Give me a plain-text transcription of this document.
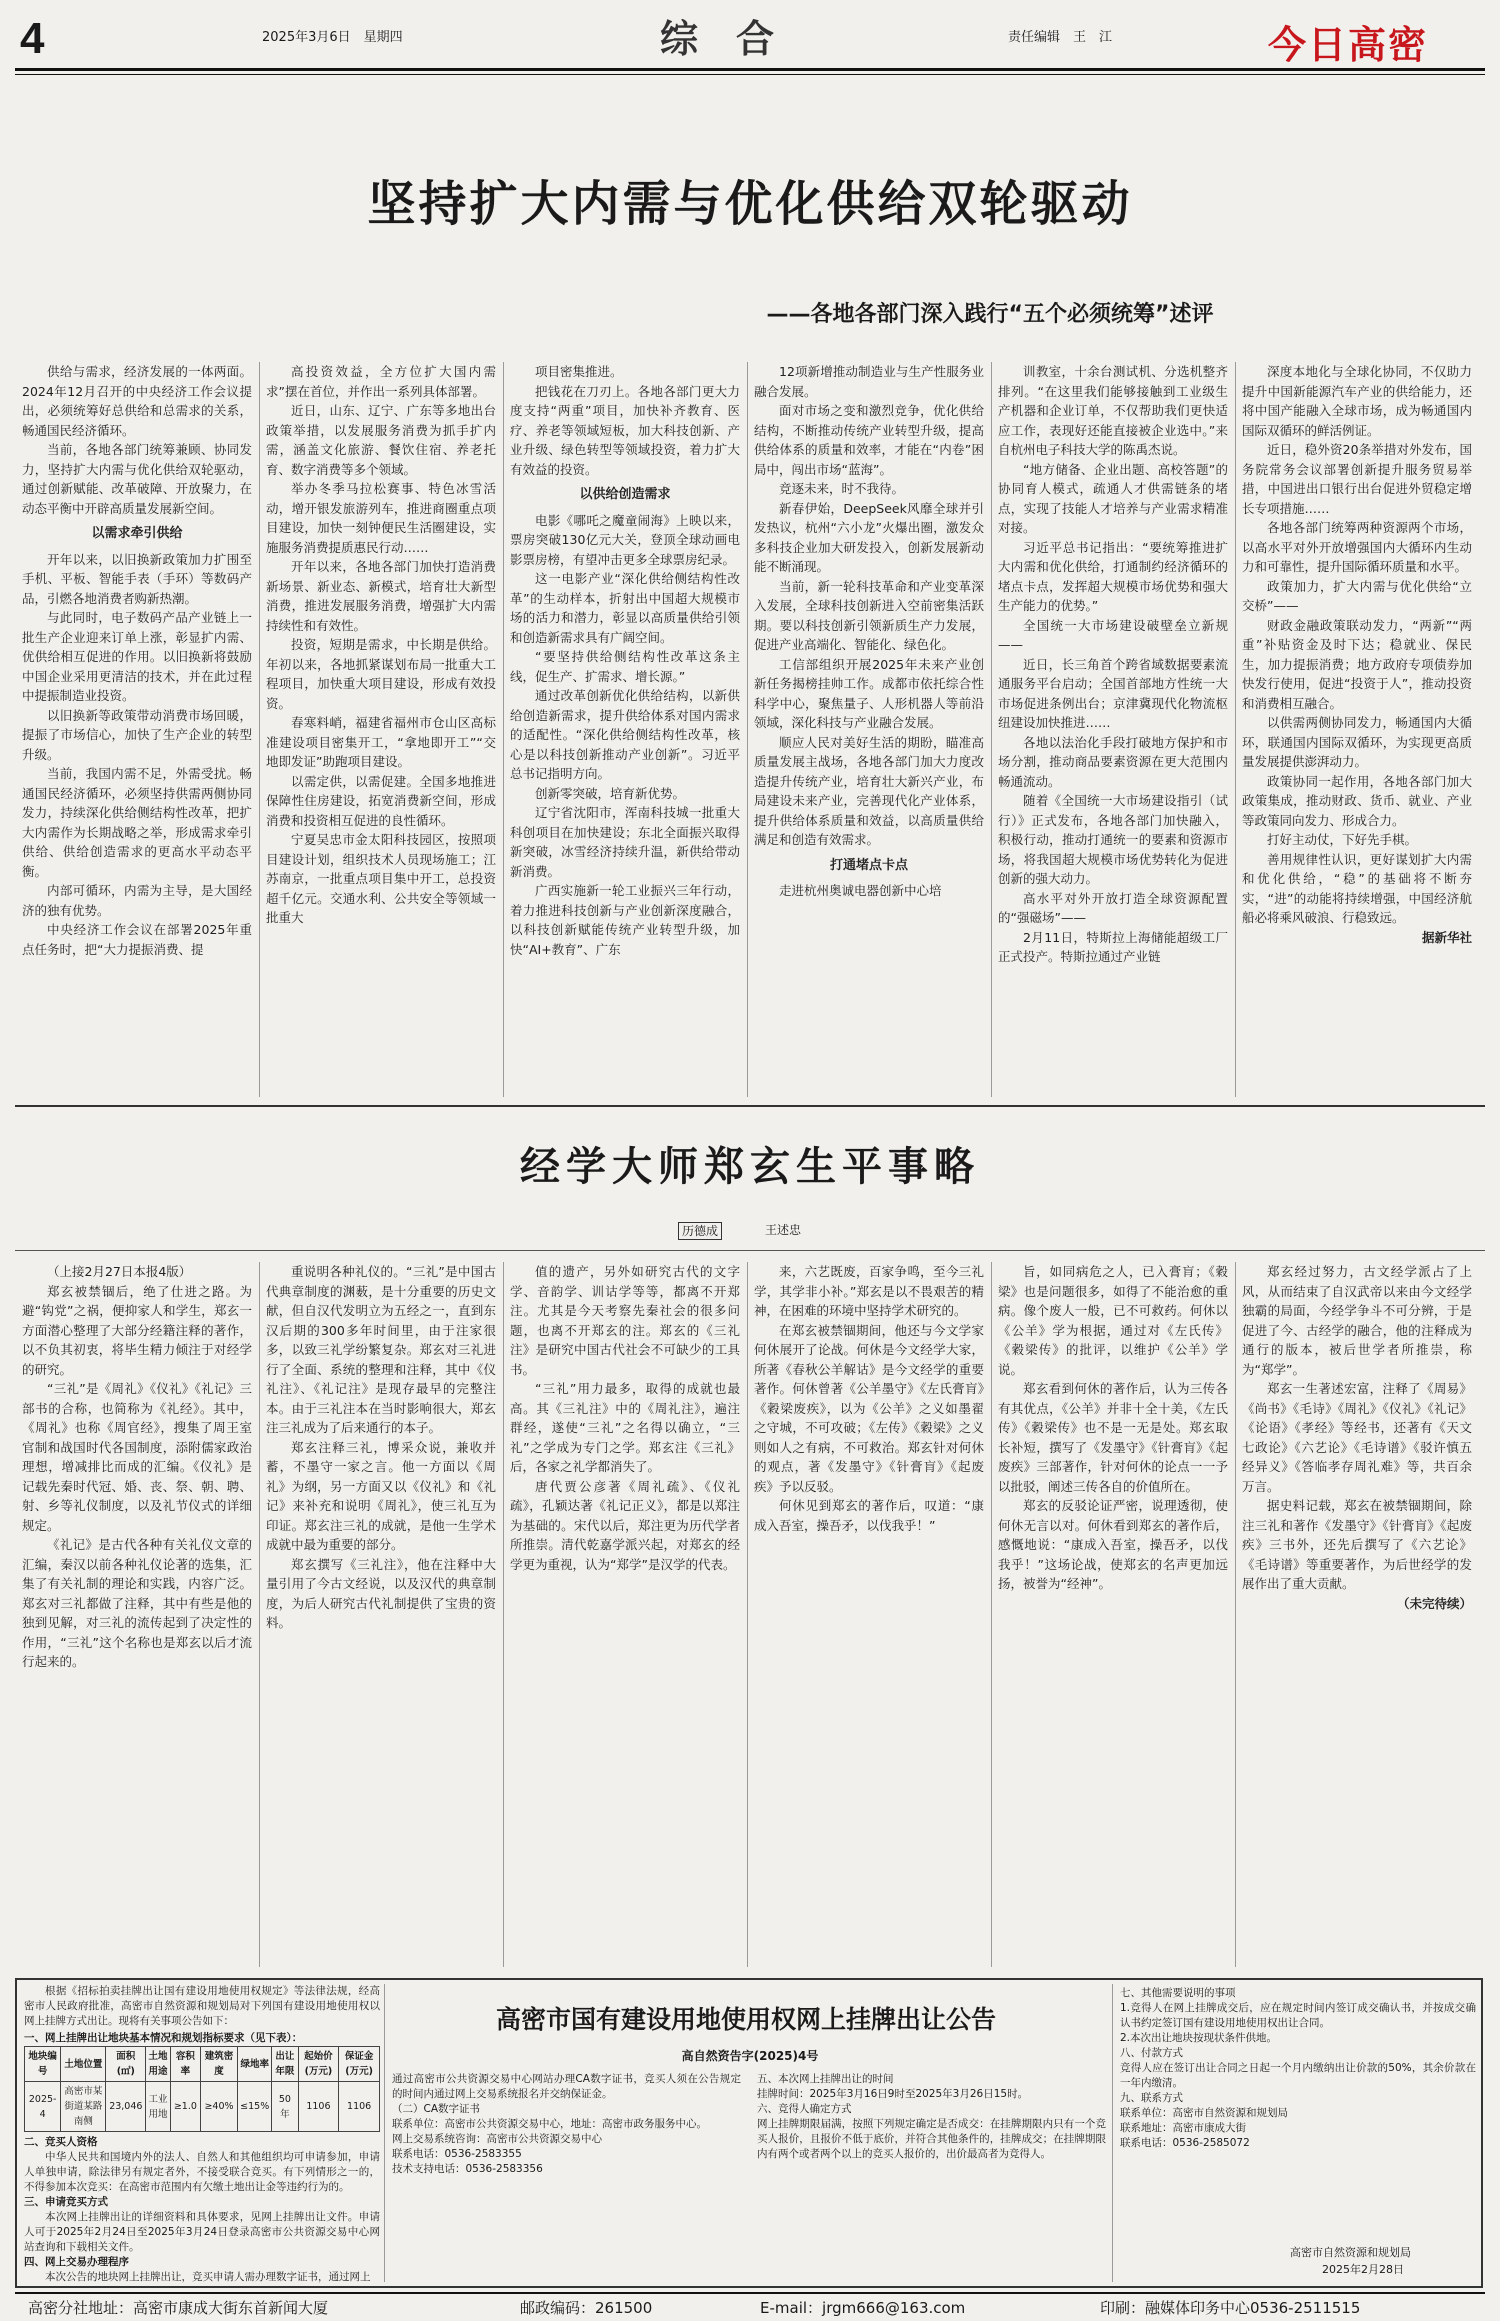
4	2025年3月6日　星期四	综　合	责任编辑　王　江	今日高密
坚持扩大内需与优化供给双轮驱动
——各地各部门深入践行“五个必须统筹”述评

供给与需求，经济发展的一体两面。2024年12月召开的中央经济工作会议提出，必须统筹好总供给和总需求的关系，畅通国民经济循环。

当前，各地各部门统筹兼顾、协同发力，坚持扩大内需与优化供给双轮驱动，通过创新赋能、改革破障、开放聚力，在动态平衡中开辟高质量发展新空间。

以需求牵引供给

开年以来，以旧换新政策加力扩围至手机、平板、智能手表（手环）等数码产品，引燃各地消费者购新热潮。

与此同时，电子数码产品产业链上一批生产企业迎来订单上涨，彰显扩内需、优供给相互促进的作用。以旧换新将鼓励中国企业采用更清洁的技术，并在此过程中提振制造业投资。

以旧换新等政策带动消费市场回暖，提振了市场信心，加快了生产企业的转型升级。

当前，我国内需不足，外需受扰。畅通国民经济循环，必须坚持供需两侧协同发力，持续深化供给侧结构性改革，把扩大内需作为长期战略之举，形成需求牵引供给、供给创造需求的更高水平动态平衡。

内部可循环，内需为主导，是大国经济的独有优势。

中央经济工作会议在部署2025年重点任务时，把“大力提振消费、提

高投资效益，全方位扩大国内需求”摆在首位，并作出一系列具体部署。

近日，山东、辽宁、广东等多地出台政策举措，以发展服务消费为抓手扩内需，涵盖文化旅游、餐饮住宿、养老托育、数字消费等多个领域。

举办冬季马拉松赛事、特色冰雪活动，增开银发旅游列车，推进商圈重点项目建设，加快一刻钟便民生活圈建设，实施服务消费提质惠民行动……

开年以来，各地各部门加快打造消费新场景、新业态、新模式，培育壮大新型消费，推进发展服务消费，增强扩大内需持续性和有效性。

投资，短期是需求，中长期是供给。年初以来，各地抓紧谋划布局一批重大工程项目，加快重大项目建设，形成有效投资。

春寒料峭，福建省福州市仓山区高标准建设项目密集开工，“拿地即开工”“交地即发证”助跑项目建设。

以需定供，以需促建。全国多地推进保障性住房建设，拓宽消费新空间，形成消费和投资相互促进的良性循环。

宁夏吴忠市金太阳科技园区，按照项目建设计划，组织技术人员现场施工；江苏南京，一批重点项目集中开工，总投资超千亿元。交通水利、公共安全等领域一批重大

项目密集推进。

把钱花在刀刃上。各地各部门更大力度支持“两重”项目，加快补齐教育、医疗、养老等领域短板，加大科技创新、产业升级、绿色转型等领域投资，着力扩大有效益的投资。

以供给创造需求

电影《哪吒之魔童闹海》上映以来，票房突破130亿元大关，登顶全球动画电影票房榜，有望冲击更多全球票房纪录。

这一电影产业“深化供给侧结构性改革”的生动样本，折射出中国超大规模市场的活力和潜力，彰显以高质量供给引领和创造新需求具有广阔空间。

“要坚持供给侧结构性改革这条主线，促生产、扩需求、增长源。”

通过改革创新优化供给结构，以新供给创造新需求，提升供给体系对国内需求的适配性。“深化供给侧结构性改革，核心是以科技创新推动产业创新”。习近平总书记指明方向。

创新零突破，培育新优势。

辽宁省沈阳市，浑南科技城一批重大科创项目在加快建设；东北全面振兴取得新突破，冰雪经济持续升温，新供给带动新消费。

广西实施新一轮工业振兴三年行动，着力推进科技创新与产业创新深度融合，以科技创新赋能传统产业转型升级，加快“AI+教育”、广东

12项新增推动制造业与生产性服务业融合发展。

面对市场之变和激烈竞争，优化供给结构，不断推动传统产业转型升级，提高供给体系的质量和效率，才能在“内卷”困局中，闯出市场“蓝海”。

竞逐未来，时不我待。

新春伊始，DeepSeek风靡全球并引发热议，杭州“六小龙”火爆出圈，激发众多科技企业加大研发投入，创新发展新动能不断涌现。

当前，新一轮科技革命和产业变革深入发展，全球科技创新进入空前密集活跃期。要以科技创新引领新质生产力发展，促进产业高端化、智能化、绿色化。

工信部组织开展2025年未来产业创新任务揭榜挂帅工作。成都市依托综合性科学中心，聚焦量子、人形机器人等前沿领域，深化科技与产业融合发展。

顺应人民对美好生活的期盼，瞄准高质量发展主战场，各地各部门加大力度改造提升传统产业，培育壮大新兴产业，布局建设未来产业，完善现代化产业体系，提升供给体系质量和效益，以高质量供给满足和创造有效需求。

打通堵点卡点

走进杭州奥诚电器创新中心培

训教室，十余台测试机、分选机整齐排列。“在这里我们能够接触到工业级生产机器和企业订单，不仅帮助我们更快适应工作，表现好还能直接被企业选中。”来自杭州电子科技大学的陈禹杰说。

“地方储备、企业出题、高校答题”的协同育人模式，疏通人才供需链条的堵点，实现了技能人才培养与产业需求精准对接。

习近平总书记指出：“要统筹推进扩大内需和优化供给，打通制约经济循环的堵点卡点，发挥超大规模市场优势和强大生产能力的优势。”

全国统一大市场建设破壁垒立新规——

近日，长三角首个跨省域数据要素流通服务平台启动；全国首部地方性统一大市场促进条例出台；京津冀现代化物流枢纽建设加快推进……

各地以法治化手段打破地方保护和市场分割，推动商品要素资源在更大范围内畅通流动。

随着《全国统一大市场建设指引（试行）》正式发布，各地各部门加快融入，积极行动，推动打通统一的要素和资源市场，将我国超大规模市场优势转化为促进创新的强大动力。

高水平对外开放打造全球资源配置的“强磁场”——

2月11日，特斯拉上海储能超级工厂正式投产。特斯拉通过产业链

深度本地化与全球化协同，不仅助力提升中国新能源汽车产业的供给能力，还将中国产能融入全球市场，成为畅通国内国际双循环的鲜活例证。

近日，稳外资20条举措对外发布，国务院常务会议部署创新提升服务贸易举措，中国进出口银行出台促进外贸稳定增长专项措施……

各地各部门统筹两种资源两个市场，以高水平对外开放增强国内大循环内生动力和可靠性，提升国际循环质量和水平。

政策加力，扩大内需与优化供给“立交桥”——

财政金融政策联动发力，“两新”“两重”补贴资金及时下达；稳就业、保民生，加力提振消费；地方政府专项债券加快发行使用，促进“投资于人”，推动投资和消费相互融合。

以供需两侧协同发力，畅通国内大循环，联通国内国际双循环，为实现更高质量发展提供澎湃动力。

政策协同一起作用，各地各部门加大政策集成，推动财政、货币、就业、产业等政策同向发力、形成合力。

打好主动仗，下好先手棋。

善用规律性认识，更好谋划扩大内需和优化供给，“稳”的基础将不断夯实，“进”的动能将持续增强，中国经济航船必将乘风破浪、行稳致远。

据新华社

经学大师郑玄生平事略
历德成	王述忠

（上接2月27日本报4版）

郑玄被禁锢后，绝了仕进之路。为避“钩党”之祸，便抑家人和学生，郑玄一方面潜心整理了大部分经籍注释的著作，以不负其初衷，将毕生精力倾注于对经学的研究。

“三礼”是《周礼》《仪礼》《礼记》三部书的合称，也简称为《礼经》。其中，《周礼》也称《周官经》，搜集了周王室官制和战国时代各国制度，添附儒家政治理想，增减排比而成的汇编。《仪礼》是记载先秦时代冠、婚、丧、祭、朝、聘、射、乡等礼仪制度，以及礼节仪式的详细规定。

《礼记》是古代各种有关礼仪文章的汇编，秦汉以前各种礼仪论著的选集，汇集了有关礼制的理论和实践，内容广泛。郑玄对三礼都做了注释，其中有些是他的独到见解，对三礼的流传起到了决定性的作用，“三礼”这个名称也是郑玄以后才流行起来的。

重说明各种礼仪的。“三礼”是中国古代典章制度的渊薮，是十分重要的历史文献，但自汉代发明立为五经之一，直到东汉后期的300多年时间里，由于注家很多，以致三礼学纷繁复杂。郑玄对三礼进行了全面、系统的整理和注释，其中《仪礼注》、《礼记注》是现存最早的完整注本。由于三礼注本在当时影响很大，郑玄注三礼成为了后来通行的本子。

郑玄注释三礼，博采众说，兼收并蓄，不墨守一家之言。他一方面以《周礼》为纲，另一方面又以《仪礼》和《礼记》来补充和说明《周礼》，使三礼互为印证。郑玄注三礼的成就，是他一生学术成就中最为重要的部分。

郑玄撰写《三礼注》，他在注释中大量引用了今古文经说，以及汉代的典章制度，为后人研究古代礼制提供了宝贵的资料。

值的遗产，另外如研究古代的文字学、音韵学、训诂学等等，都离不开郑注。尤其是今天考察先秦社会的很多问题，也离不开郑玄的注。郑玄的《三礼注》是研究中国古代社会不可缺少的工具书。

“三礼”用力最多，取得的成就也最高。其《三礼注》中的《周礼注》，遍注群经，遂使“三礼”之名得以确立，“三礼”之学成为专门之学。郑玄注《三礼》后，各家之礼学都消失了。

唐代贾公彦著《周礼疏》、《仪礼疏》，孔颖达著《礼记正义》，都是以郑注为基础的。宋代以后，郑注更为历代学者所推崇。清代乾嘉学派兴起，对郑玄的经学更为重视，认为“郑学”是汉学的代表。

来，六艺既废，百家争鸣，至今三礼学，其学非小补。”郑玄是以不畏艰苦的精神，在困难的环境中坚持学术研究的。

在郑玄被禁锢期间，他还与今文学家何休展开了论战。何休是今文经学大家，所著《春秋公羊解诂》是今文经学的重要著作。何休曾著《公羊墨守》《左氏膏肓》《穀梁废疾》，以为《公羊》之义如墨翟之守城，不可攻破；《左传》《穀梁》之义则如人之有病，不可救治。郑玄针对何休的观点，著《发墨守》《针膏肓》《起废疾》予以反驳。

何休见到郑玄的著作后，叹道：“康成入吾室，操吾矛，以伐我乎！”

旨，如同病危之人，已入膏肓；《穀梁》也是问题很多，如得了不能治愈的重病。像个废人一般，已不可救药。何休以《公羊》学为根据，通过对《左氏传》《穀梁传》的批评，以维护《公羊》学说。

郑玄看到何休的著作后，认为三传各有其优点，《公羊》并非十全十美，《左氏传》《穀梁传》也不是一无是处。郑玄取长补短，撰写了《发墨守》《针膏肓》《起废疾》三部著作，针对何休的论点一一予以批驳，阐述三传各自的价值所在。

郑玄的反驳论证严密，说理透彻，使何休无言以对。何休看到郑玄的著作后，感慨地说：“康成入吾室，操吾矛，以伐我乎！”这场论战，使郑玄的名声更加远扬，被誉为“经神”。

郑玄经过努力，古文经学派占了上风，从而结束了自汉武帝以来由今文经学独霸的局面，今经学争斗不可分辨，于是促进了今、古经学的融合，他的注释成为通行的版本，被后世学者所推崇，称为“郑学”。

郑玄一生著述宏富，注释了《周易》《尚书》《毛诗》《周礼》《仪礼》《礼记》《论语》《孝经》等经书，还著有《天文七政论》《六艺论》《毛诗谱》《驳许慎五经异义》《答临孝存周礼难》等，共百余万言。

据史料记载，郑玄在被禁锢期间，除注三礼和著作《发墨守》《针膏肓》《起废疾》三书外，还先后撰写了《六艺论》《毛诗谱》等重要著作，为后世经学的发展作出了重大贡献。

（未完待续）

高密市国有建设用地使用权网上挂牌出让公告
高自然资告字(2025)4号
根据《招标拍卖挂牌出让国有建设用地使用权规定》等法律法规，经高密市人民政府批准，高密市自然资源和规划局对下列国有建设用地使用权以网上挂牌方式出让。现将有关事项公告如下：
一、网上挂牌出让地块基本情况和规划指标要求（见下表）：
地块编号	土地位置	面积(㎡)	土地用途	容积率	建筑密度	绿地率	出让年限	起始价(万元)	保证金(万元)
2025-4	高密市某街道某路南侧	23,046	工业用地	≥1.0	≥40%	≤15%	50年	1106	1106
二、竞买人资格
中华人民共和国境内外的法人、自然人和其他组织均可申请参加，申请人单独申请，除法律另有规定者外，不接受联合竞买。有下列情形之一的，不得参加本次竞买：在高密市范围内有欠缴土地出让金等违约行为的。
三、申请竞买方式
本次网上挂牌出让的详细资料和具体要求，见网上挂牌出让文件。申请人可于2025年2月24日至2025年3月24日登录高密市公共资源交易中心网站查询和下载相关文件。
四、网上交易办理程序
本次公告的地块网上挂牌出让，竞买申请人需办理数字证书，通过网上

通过高密市公共资源交易中心网站办理CA数字证书，竞买人须在公告规定的时间内通过网上交易系统报名并交纳保证金。
（二）CA数字证书
联系单位：高密市公共资源交易中心，地址：高密市政务服务中心。
网上交易系统咨询：高密市公共资源交易中心
联系电话：0536-2583355
技术支持电话：0536-2583356
五、本次网上挂牌出让的时间
挂牌时间：2025年3月16日9时至2025年3月26日15时。
六、竞得人确定方式
网上挂牌期限届满，按照下列规定确定是否成交：在挂牌期限内只有一个竞买人报价，且报价不低于底价，并符合其他条件的，挂牌成交；在挂牌期限内有两个或者两个以上的竞买人报价的，出价最高者为竞得人。
七、其他需要说明的事项
1.竞得人在网上挂牌成交后，应在规定时间内签订成交确认书，并按成交确认书约定签订国有建设用地使用权出让合同。
2.本次出让地块按现状条件供地。
八、付款方式
竞得人应在签订出让合同之日起一个月内缴纳出让价款的50%，其余价款在一年内缴清。
九、联系方式
联系单位：高密市自然资源和规划局
联系地址：高密市康成大街
联系电话：0536-2585072
高密市自然资源和规划局
2025年2月28日
高密分社地址：高密市康成大街东首新闻大厦	邮政编码：261500	E-mail：jrgm666@163.com	印刷：融媒体印务中心0536-2511515
